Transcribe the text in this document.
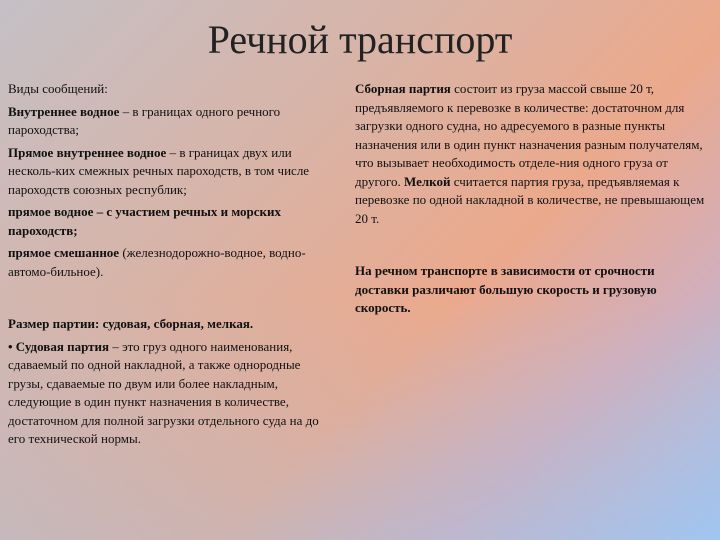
Речной транспорт

Виды сообщений:

Внутреннее водное – в границах одного речного пароходства;

Прямое внутреннее водное – в границах двух или несколь-ких смежных речных пароходств, в том числе пароходств союзных республик;

прямое водное – с участием речных и морских пароходств;

прямое смешанное (железнодорожно-водное, водно-автомо-бильное).

Размер партии: судовая, сборная, мелкая.

• Судовая партия – это груз одного наименования, сдаваемый по одной накладной, а также однородные грузы, сдаваемые по двум или более накладным, следующие в один пункт назначения в количестве, достаточном для полной загрузки отдельного суда на до его технической нормы.

Сборная партия состоит из груза массой свыше 20 т, предъявляемого к перевозке в количестве: достаточном для загрузки одного судна, но адресуемого в разные пункты назначения или в один пункт назначения разным получателям, что вызывает необходимость отделе-ния одного груза от другого. Мелкой считается партия груза, предъявляемая к перевозке по одной накладной в количестве, не превышающем 20 т.

На речном транспорте в зависимости от срочности доставки различают большую скорость и грузовую скорость.
